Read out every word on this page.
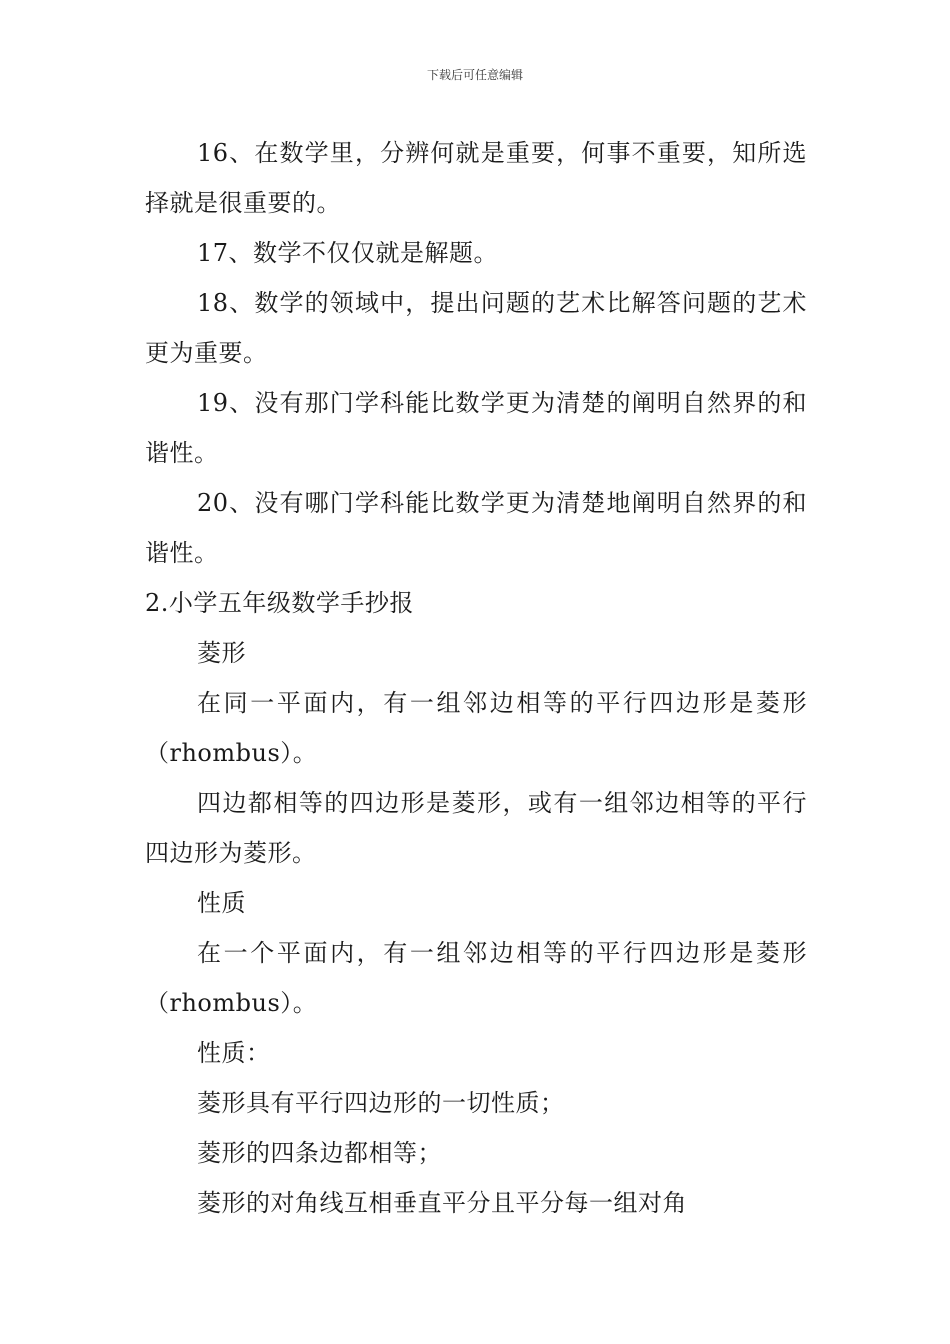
下载后可任意编辑

16、在数学里，分辨何就是重要，何事不重要，知所选择就是很重要的。

17、数学不仅仅就是解题。

18、数学的领域中，提出问题的艺术比解答问题的艺术更为重要。

19、没有那门学科能比数学更为清楚的阐明自然界的和谐性。

20、没有哪门学科能比数学更为清楚地阐明自然界的和谐性。

2.小学五年级数学手抄报

菱形

在同一平面内，有一组邻边相等的平行四边形是菱形（rhombus）。

四边都相等的四边形是菱形，或有一组邻边相等的平行四边形为菱形。

性质

在一个平面内，有一组邻边相等的平行四边形是菱形（rhombus）。

性质：

菱形具有平行四边形的一切性质；

菱形的四条边都相等；

菱形的对角线互相垂直平分且平分每一组对角
